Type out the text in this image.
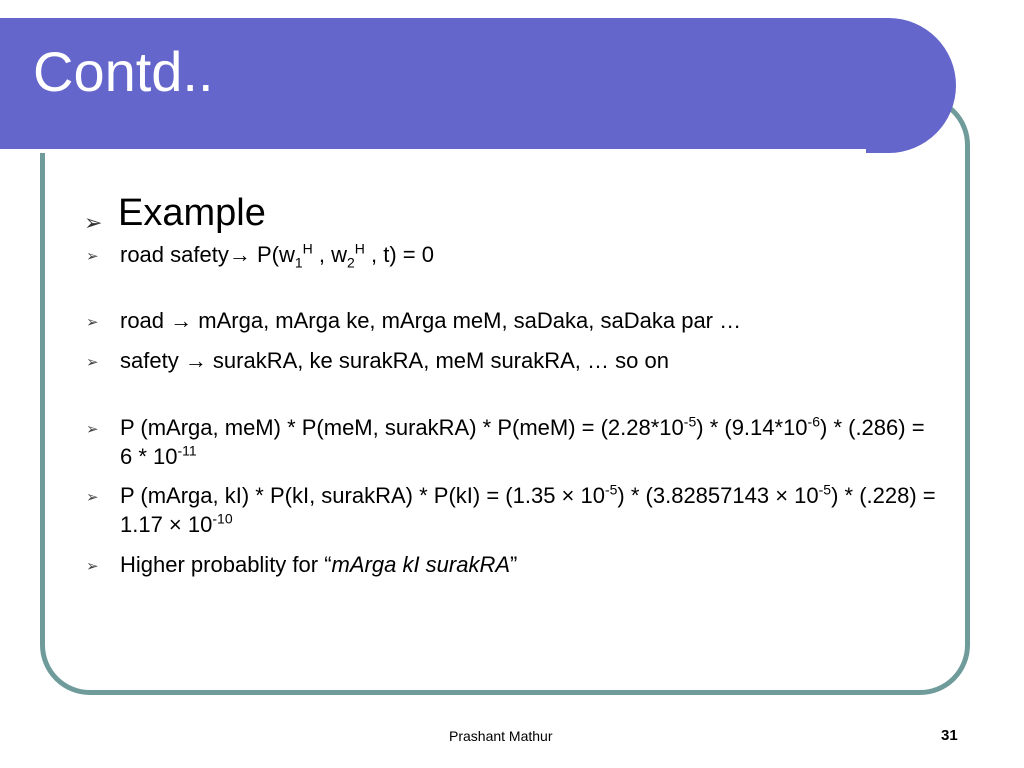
Contd..
➢ Example
➢ road safety→ $P(w_1^H$ , $w_2^H$ , t) = 0
➢ road → mArga, mArga ke, mArga meM, saDaka, saDaka par …
➢ safety → surakRA, ke surakRA, meM surakRA, … so on
➢ P (mArga, meM) * P(meM, surakRA) * $P(meM) = (2.28*10^{-5}) * (9.14*10^{-6}) * (.286) = 6 * 10^{-11}$
➢ P (mArga, kI) * P(kI, surakRA) * $P(kI) = (1.35 \times 10^{-5}) * (3.82857143 \times 10^{-5}) * (.228) = 1.17 \times 10^{-10}$
➢ Higher probablity for “mArga kI surakRA”
Prashant Mathur	31
